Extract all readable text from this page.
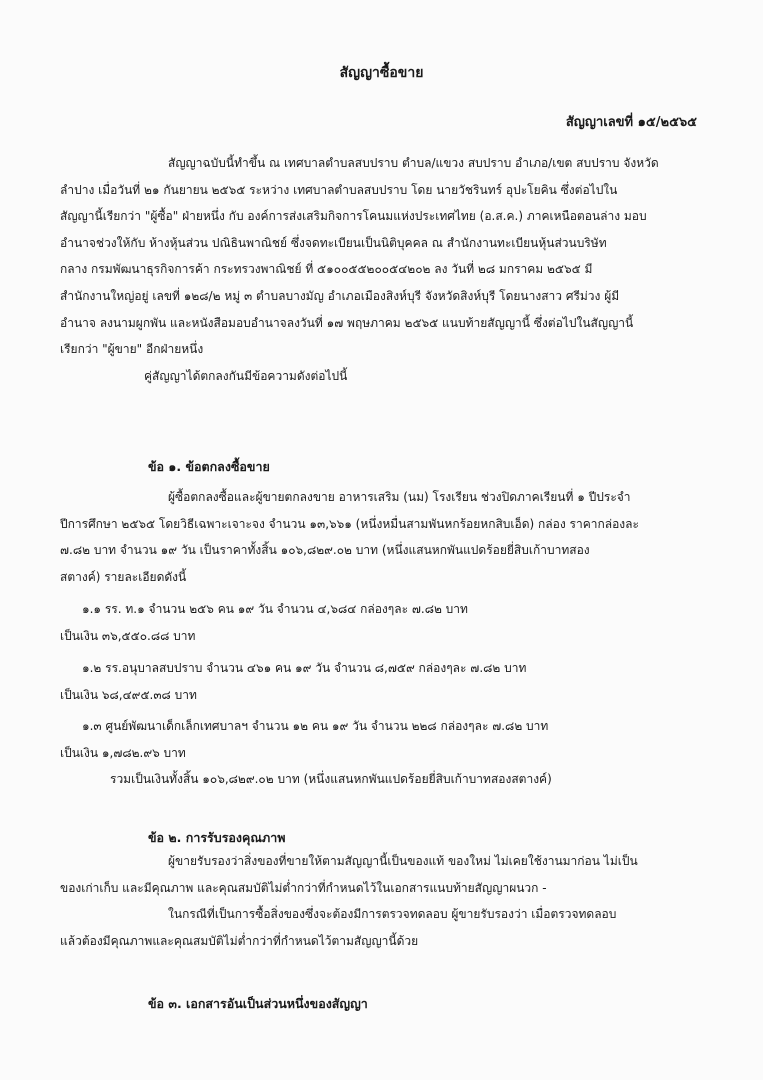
สัญญาซื้อขาย
สัญญาเลขที่ ๑๕/๒๕๖๕
สัญญาฉบับนี้ทำขึ้น ณ เทศบาลตำบลสบปราบ ตำบล/แขวง สบปราบ อำเภอ/เขต สบปราบ จังหวัด
ลำปาง เมื่อวันที่ ๒๑ กันยายน ๒๕๖๕ ระหว่าง เทศบาลตำบลสบปราบ โดย นายวัชรินทร์ อุปะโยคิน ซึ่งต่อไปใน
สัญญานี้เรียกว่า "ผู้ซื้อ" ฝ่ายหนึ่ง กับ องค์การส่งเสริมกิจการโคนมแห่งประเทศไทย (อ.ส.ค.) ภาคเหนือตอนล่าง มอบ
อำนาจช่วงให้กับ ห้างหุ้นส่วน ปณิธินพาณิชย์ ซึ่งจดทะเบียนเป็นนิติบุคคล ณ สำนักงานทะเบียนหุ้นส่วนบริษัท
กลาง กรมพัฒนาธุรกิจการค้า กระทรวงพาณิชย์ ที่ ๕๑๐๐๕๕๒๐๐๕๔๒๐๒ ลง วันที่ ๒๘ มกราคม ๒๕๖๕ มี
สำนักงานใหญ่อยู่ เลขที่ ๑๒๘/๒ หมู่ ๓ ตำบลบางมัญ อำเภอเมืองสิงห์บุรี จังหวัดสิงห์บุรี โดยนางสาว ศรีม่วง ผู้มี
อำนาจ ลงนามผูกพัน และหนังสือมอบอำนาจลงวันที่ ๑๗ พฤษภาคม ๒๕๖๕ แนบท้ายสัญญานี้ ซึ่งต่อไปในสัญญานี้
เรียกว่า "ผู้ขาย" อีกฝ่ายหนึ่ง
คู่สัญญาได้ตกลงกันมีข้อความดังต่อไปนี้
ข้อ ๑. ข้อตกลงซื้อขาย
ผู้ซื้อตกลงซื้อและผู้ขายตกลงขาย อาหารเสริม (นม) โรงเรียน ช่วงปิดภาคเรียนที่ ๑ ปีประจำ
ปีการศึกษา ๒๕๖๕ โดยวิธีเฉพาะเจาะจง จำนวน ๑๓,๖๖๑ (หนึ่งหมื่นสามพันหกร้อยหกสิบเอ็ด) กล่อง ราคากล่องละ
๗.๘๒ บาท จำนวน ๑๙ วัน เป็นราคาทั้งสิ้น ๑๐๖,๘๒๙.๐๒ บาท (หนึ่งแสนหกพันแปดร้อยยี่สิบเก้าบาทสอง
สตางค์) รายละเอียดดังนี้
๑.๑ รร. ท.๑ จำนวน ๒๕๖ คน ๑๙ วัน จำนวน ๔,๖๘๔ กล่องๆละ ๗.๘๒ บาท
เป็นเงิน ๓๖,๕๕๐.๘๘ บาท
๑.๒ รร.อนุบาลสบปราบ จำนวน ๔๖๑ คน ๑๙ วัน จำนวน ๘,๗๕๙ กล่องๆละ ๗.๘๒ บาท
เป็นเงิน ๖๘,๔๙๕.๓๘ บาท
๑.๓ ศูนย์พัฒนาเด็กเล็กเทศบาลฯ จำนวน ๑๒ คน ๑๙ วัน จำนวน ๒๒๘ กล่องๆละ ๗.๘๒ บาท
เป็นเงิน ๑,๗๘๒.๙๖ บาท
รวมเป็นเงินทั้งสิ้น ๑๐๖,๘๒๙.๐๒ บาท (หนึ่งแสนหกพันแปดร้อยยี่สิบเก้าบาทสองสตางค์)
ข้อ ๒. การรับรองคุณภาพ
ผู้ขายรับรองว่าสิ่งของที่ขายให้ตามสัญญานี้เป็นของแท้ ของใหม่ ไม่เคยใช้งานมาก่อน ไม่เป็น
ของเก่าเก็บ และมีคุณภาพ และคุณสมบัติไม่ต่ำกว่าที่กำหนดไว้ในเอกสารแนบท้ายสัญญาผนวก -
ในกรณีที่เป็นการซื้อสิ่งของซึ่งจะต้องมีการตรวจทดลอบ ผู้ขายรับรองว่า เมื่อตรวจทดลอบ
แล้วต้องมีคุณภาพและคุณสมบัติไม่ต่ำกว่าที่กำหนดไว้ตามสัญญานี้ด้วย
ข้อ ๓. เอกสารอันเป็นส่วนหนึ่งของสัญญา
